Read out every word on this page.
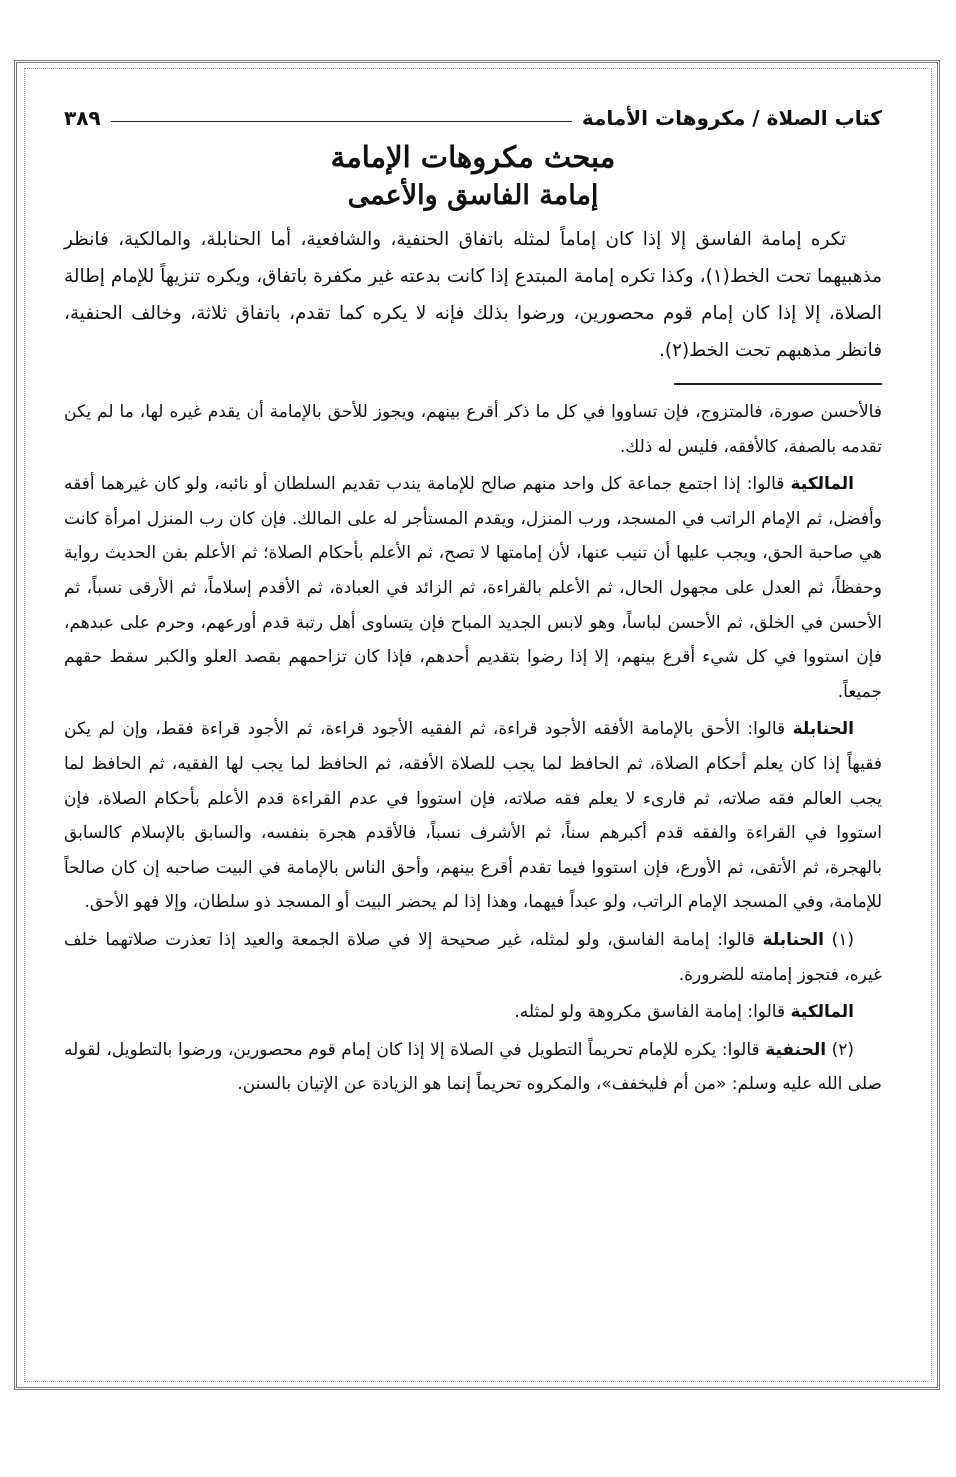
كتاب الصلاة / مكروهات الأمامة
٣٨٩
مبحث مكروهات الإمامة
إمامة الفاسق والأعمى

تكره إمامة الفاسق إلا إذا كان إماماً لمثله باتفاق الحنفية، والشافعية، أما الحنابلة، والمالكية، فانظر مذهبيهما تحت الخط(١)، وكذا تكره إمامة المبتدع إذا كانت بدعته غير مكفرة باتفاق، ويكره تنزيهاً للإمام إطالة الصلاة، إلا إذا كان إمام قوم محصورين، ورضوا بذلك فإنه لا يكره كما تقدم، باتفاق ثلاثة، وخالف الحنفية، فانظر مذهبهم تحت الخط(٢).

فالأحسن صورة، فالمتزوج، فإن تساووا في كل ما ذكر أقرع بينهم، ويجوز للأحق بالإمامة أن يقدم غيره لها، ما لم يكن تقدمه بالصفة، كالأفقه، فليس له ذلك.

المالكية قالوا: إذا اجتمع جماعة كل واحد منهم صالح للإمامة يندب تقديم السلطان أو نائبه، ولو كان غيرهما أفقه وأفضل، ثم الإمام الراتب في المسجد، ورب المنزل، ويقدم المستأجر له على المالك. فإن كان رب المنزل امرأة كانت هي صاحبة الحق، ويجب عليها أن تنيب عنها، لأن إمامتها لا تصح، ثم الأعلم بأحكام الصلاة؛ ثم الأعلم بفن الحديث رواية وحفظاً، ثم العدل على مجهول الحال، ثم الأعلم بالقراءة، ثم الزائد في العبادة، ثم الأقدم إسلاماً، ثم الأرقى نسباً، ثم الأحسن في الخلق، ثم الأحسن لباساً، وهو لابس الجديد المباح فإن يتساوى أهل رتبة قدم أورعهم، وحرم على عبدهم، فإن استووا في كل شيء أقرع بينهم، إلا إذا رضوا بتقديم أحدهم، فإذا كان تزاحمهم بقصد العلو والكبر سقط حقهم جميعاً.

الحنابلة قالوا: الأحق بالإمامة الأفقه الأجود قراءة، ثم الفقيه الأجود قراءة، ثم الأجود قراءة فقط، وإن لم يكن فقيهاً إذا كان يعلم أحكام الصلاة، ثم الحافظ لما يجب للصلاة الأفقه، ثم الحافظ لما يجب لها الفقيه، ثم الحافظ لما يجب العالم فقه صلاته، ثم قارىء لا يعلم فقه صلاته، فإن استووا في عدم القراءة قدم الأعلم بأحكام الصلاة، فإن استووا في القراءة والفقه قدم أكبرهم سناً، ثم الأشرف نسباً، فالأقدم هجرة بنفسه، والسابق بالإسلام كالسابق بالهجرة، ثم الأتقى، ثم الأورع، فإن استووا فيما تقدم أقرع بينهم، وأحق الناس بالإمامة في البيت صاحبه إن كان صالحاً للإمامة، وفي المسجد الإمام الراتب، ولو عبداً فيهما، وهذا إذا لم يحضر البيت أو المسجد ذو سلطان، وإلا فهو الأحق.

(١) الحنابلة قالوا: إمامة الفاسق، ولو لمثله، غير صحيحة إلا في صلاة الجمعة والعيد إذا تعذرت صلاتهما خلف غيره، فتجوز إمامته للضرورة.

المالكية قالوا: إمامة الفاسق مكروهة ولو لمثله.

(٢) الحنفية قالوا: يكره للإمام تحريماً التطويل في الصلاة إلا إذا كان إمام قوم محصورين، ورضوا بالتطويل، لقوله صلى الله عليه وسلم: «من أم فليخفف»، والمكروه تحريماً إنما هو الزيادة عن الإتيان بالسنن.
